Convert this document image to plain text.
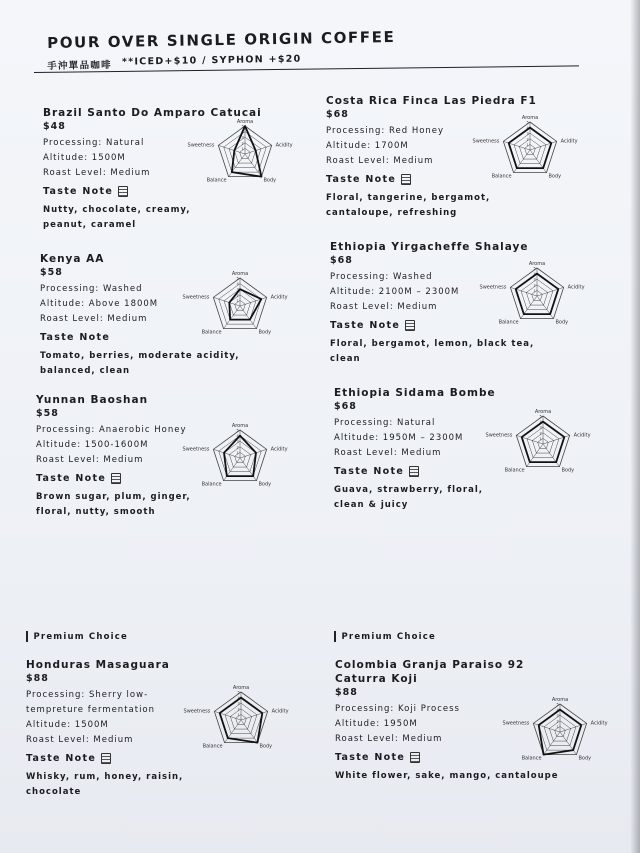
POUR OVER SINGLE ORIGIN COFFEE
手沖單品咖啡 **ICED+$10 / SYPHON +$20
Brazil Santo Do Amparo Catucai
$48
Processing: Natural
Altitude: 1500M
Roast Level: Medium
Taste Note
Nutty, chocolate, creamy, peanut, caramel
1
2
3
4
5
Aroma
Acidity
Body
Balance
Sweetness
Costa Rica Finca Las Piedra F1
$68
Processing: Red Honey
Altitude: 1700M
Roast Level: Medium
Taste Note
Floral, tangerine, bergamot, cantaloupe, refreshing
1
2
3
4
5
Aroma
Acidity
Body
Balance
Sweetness
Kenya AA
$58
Processing: Washed
Altitude: Above 1800M
Roast Level: Medium
Taste Note
Tomato, berries, moderate acidity, balanced, clean
1
2
3
4
5
Aroma
Acidity
Body
Balance
Sweetness
Ethiopia Yirgacheffe Shalaye
$68
Processing: Washed
Altitude: 2100M – 2300M
Roast Level: Medium
Taste Note
Floral, bergamot, lemon, black tea, clean
1
2
3
4
5
Aroma
Acidity
Body
Balance
Sweetness
Yunnan Baoshan
$58
Processing: Anaerobic Honey
Altitude: 1500-1600M
Roast Level: Medium
Taste Note
Brown sugar, plum, ginger, floral, nutty, smooth
1
2
3
4
5
Aroma
Acidity
Body
Balance
Sweetness
Ethiopia Sidama Bombe
$68
Processing: Natural
Altitude: 1950M – 2300M
Roast Level: Medium
Taste Note
Guava, strawberry, floral, clean & juicy
1
2
3
4
5
Aroma
Acidity
Body
Balance
Sweetness
Premium Choice	Premium Choice
Honduras Masaguara
$88
Processing: Sherry low-tempreture fermentation
Altitude: 1500M
Roast Level: Medium
Taste Note
Whisky, rum, honey, raisin, chocolate
1
2
3
4
5
Aroma
Acidity
Body
Balance
Sweetness
Colombia Granja Paraiso 92 Caturra Koji
$88
Processing: Koji Process
Altitude: 1950M
Roast Level: Medium
Taste Note
White flower, sake, mango, cantaloupe
1
2
3
4
5
Aroma
Acidity
Body
Balance
Sweetness
